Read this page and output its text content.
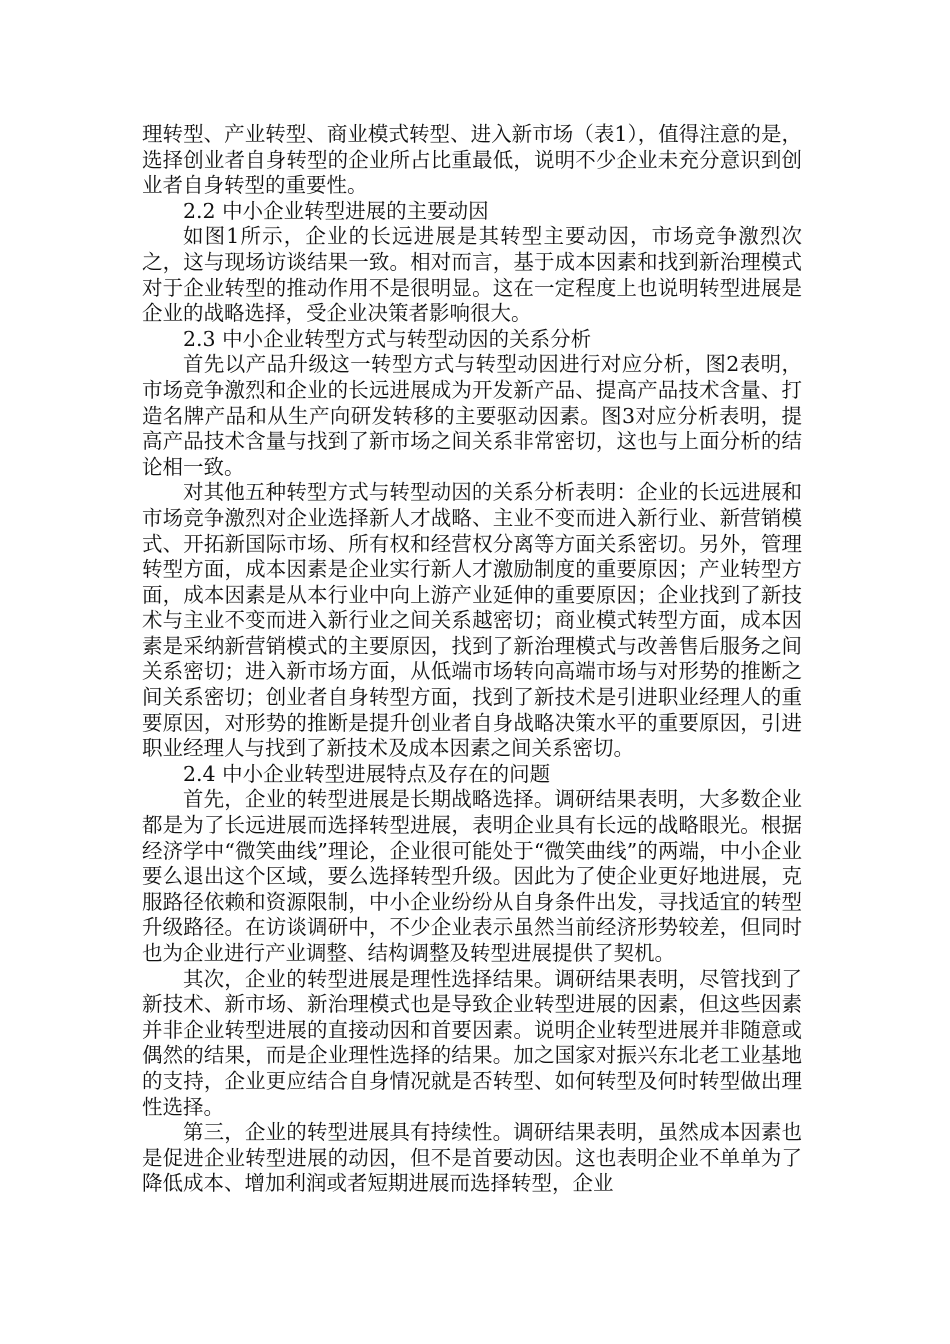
理转型、产业转型、商业模式转型、进入新市场（表1），值得注意的是，选择创业者自身转型的企业所占比重最低，说明不少企业未充分意识到创业者自身转型的重要性。

2.2 中小企业转型进展的主要动因

如图1所示，企业的长远进展是其转型主要动因，市场竞争激烈次之，这与现场访谈结果一致。相对而言，基于成本因素和找到新治理模式对于企业转型的推动作用不是很明显。这在一定程度上也说明转型进展是企业的战略选择，受企业决策者影响很大。

2.3 中小企业转型方式与转型动因的关系分析

首先以产品升级这一转型方式与转型动因进行对应分析，图2表明，市场竞争激烈和企业的长远进展成为开发新产品、提高产品技术含量、打造名牌产品和从生产向研发转移的主要驱动因素。图3对应分析表明，提高产品技术含量与找到了新市场之间关系非常密切，这也与上面分析的结论相一致。

对其他五种转型方式与转型动因的关系分析表明：企业的长远进展和市场竞争激烈对企业选择新人才战略、主业不变而进入新行业、新营销模式、开拓新国际市场、所有权和经营权分离等方面关系密切。另外，管理转型方面，成本因素是企业实行新人才激励制度的重要原因；产业转型方面，成本因素是从本行业中向上游产业延伸的重要原因；企业找到了新技术与主业不变而进入新行业之间关系越密切；商业模式转型方面，成本因素是采纳新营销模式的主要原因，找到了新治理模式与改善售后服务之间关系密切；进入新市场方面，从低端市场转向高端市场与对形势的推断之间关系密切；创业者自身转型方面，找到了新技术是引进职业经理人的重要原因，对形势的推断是提升创业者自身战略决策水平的重要原因，引进职业经理人与找到了新技术及成本因素之间关系密切。

2.4 中小企业转型进展特点及存在的问题

首先，企业的转型进展是长期战略选择。调研结果表明，大多数企业都是为了长远进展而选择转型进展，表明企业具有长远的战略眼光。根据经济学中“微笑曲线”理论，企业很可能处于“微笑曲线”的两端，中小企业要么退出这个区域，要么选择转型升级。因此为了使企业更好地进展，克服路径依赖和资源限制，中小企业纷纷从自身条件出发，寻找适宜的转型升级路径。在访谈调研中，不少企业表示虽然当前经济形势较差，但同时也为企业进行产业调整、结构调整及转型进展提供了契机。

其次，企业的转型进展是理性选择结果。调研结果表明，尽管找到了新技术、新市场、新治理模式也是导致企业转型进展的因素，但这些因素并非企业转型进展的直接动因和首要因素。说明企业转型进展并非随意或偶然的结果，而是企业理性选择的结果。加之国家对振兴东北老工业基地的支持，企业更应结合自身情况就是否转型、如何转型及何时转型做出理性选择。

第三，企业的转型进展具有持续性。调研结果表明，虽然成本因素也是促进企业转型进展的动因，但不是首要动因。这也表明企业不单单为了降低成本、增加利润或者短期进展而选择转型，企业
